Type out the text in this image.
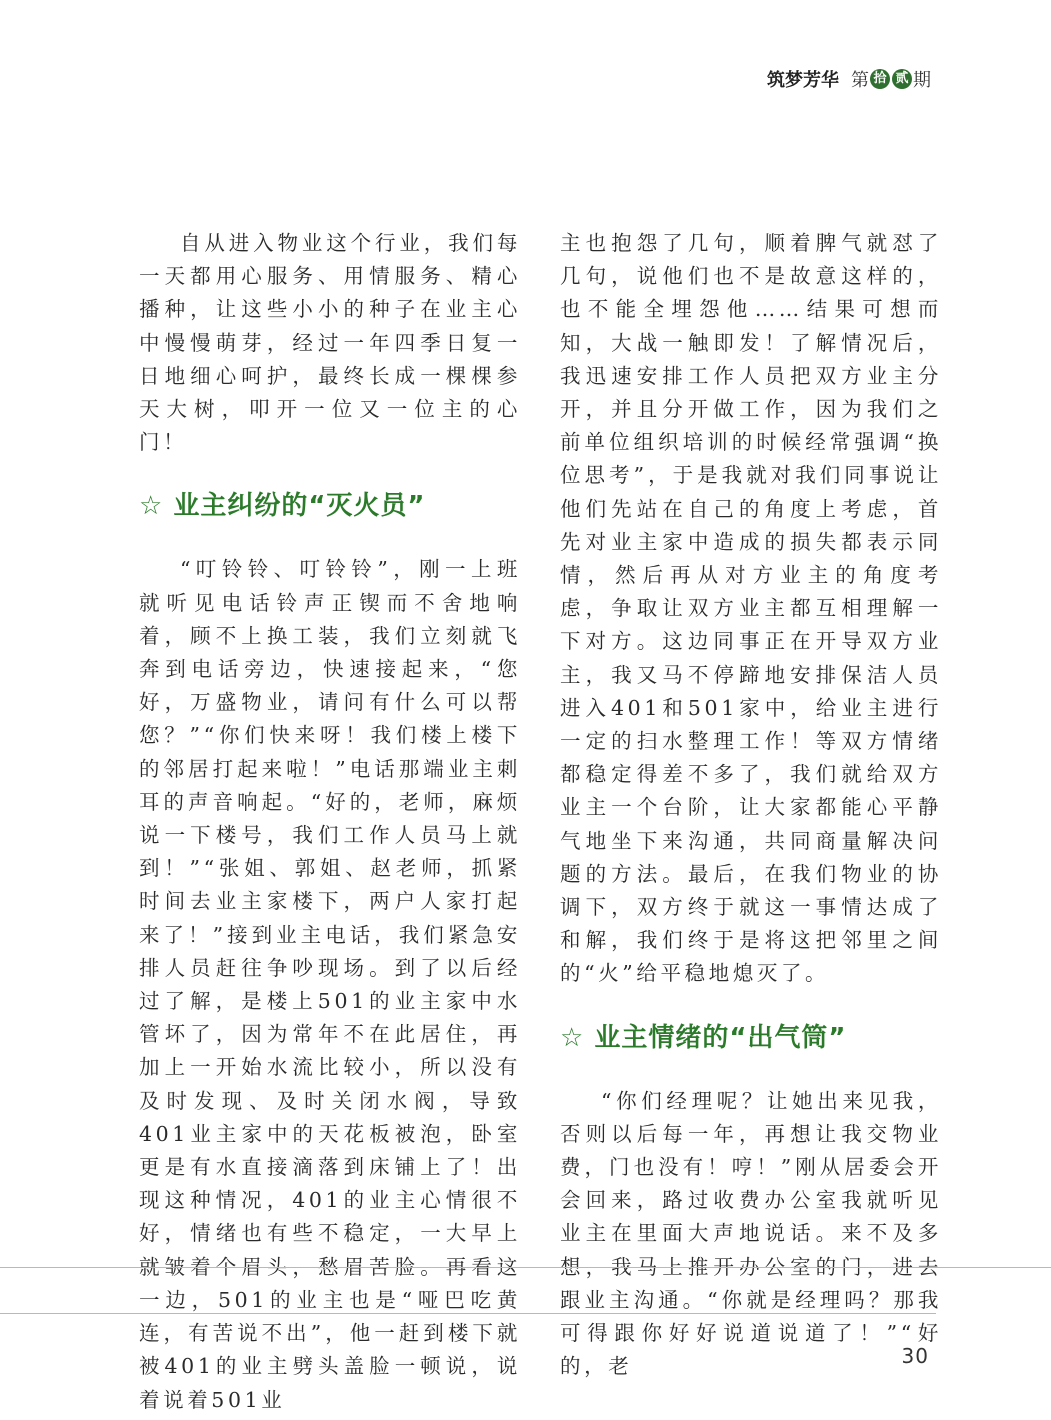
筑梦芳华 第 拾 贰 期

自从进入物业这个行业，我们每一天都用心服务、用情服务、精心播种，让这些小小的种子在业主心中慢慢萌芽，经过一年四季日复一日地细心呵护，最终长成一棵棵参天大树，叩开一位又一位主的心门！

☆ 业主纠纷的“灭火员”

“叮铃铃、叮铃铃”，刚一上班就听见电话铃声正锲而不舍地响着，顾不上换工装，我们立刻就飞奔到电话旁边，快速接起来，“您好，万盛物业，请问有什么可以帮您？”“你们快来呀！我们楼上楼下的邻居打起来啦！”电话那端业主刺耳的声音响起。“好的，老师，麻烦说一下楼号，我们工作人员马上就到！”“张姐、郭姐、赵老师，抓紧时间去业主家楼下，两户人家打起来了！”接到业主电话，我们紧急安排人员赶往争吵现场。到了以后经过了解，是楼上501的业主家中水管坏了，因为常年不在此居住，再加上一开始水流比较小，所以没有及时发现、及时关闭水阀，导致401业主家中的天花板被泡，卧室更是有水直接滴落到床铺上了！出现这种情况，401的业主心情很不好，情绪也有些不稳定，一大早上就皱着个眉头，愁眉苦脸。再看这一边，501的业主也是“哑巴吃黄连，有苦说不出”，他一赶到楼下就被401的业主劈头盖脸一顿说，说着说着501业

主也抱怨了几句，顺着脾气就怼了几句，说他们也不是故意这样的，也不能全埋怨他……结果可想而知，大战一触即发！了解情况后，我迅速安排工作人员把双方业主分开，并且分开做工作，因为我们之前单位组织培训的时候经常强调“换位思考”，于是我就对我们同事说让他们先站在自己的角度上考虑，首先对业主家中造成的损失都表示同情，然后再从对方业主的角度考虑，争取让双方业主都互相理解一下对方。这边同事正在开导双方业主，我又马不停蹄地安排保洁人员进入401和501家中，给业主进行一定的扫水整理工作！等双方情绪都稳定得差不多了，我们就给双方业主一个台阶，让大家都能心平静气地坐下来沟通，共同商量解决问题的方法。最后，在我们物业的协调下，双方终于就这一事情达成了和解，我们终于是将这把邻里之间的“火”给平稳地熄灭了。

☆ 业主情绪的“出气筒”

“你们经理呢？让她出来见我，否则以后每一年，再想让我交物业费，门也没有！哼！”刚从居委会开会回来，路过收费办公室我就听见业主在里面大声地说话。来不及多想，我马上推开办公室的门，进去跟业主沟通。“你就是经理吗？那我可得跟你好好说道说道了！”“好的，老	30
